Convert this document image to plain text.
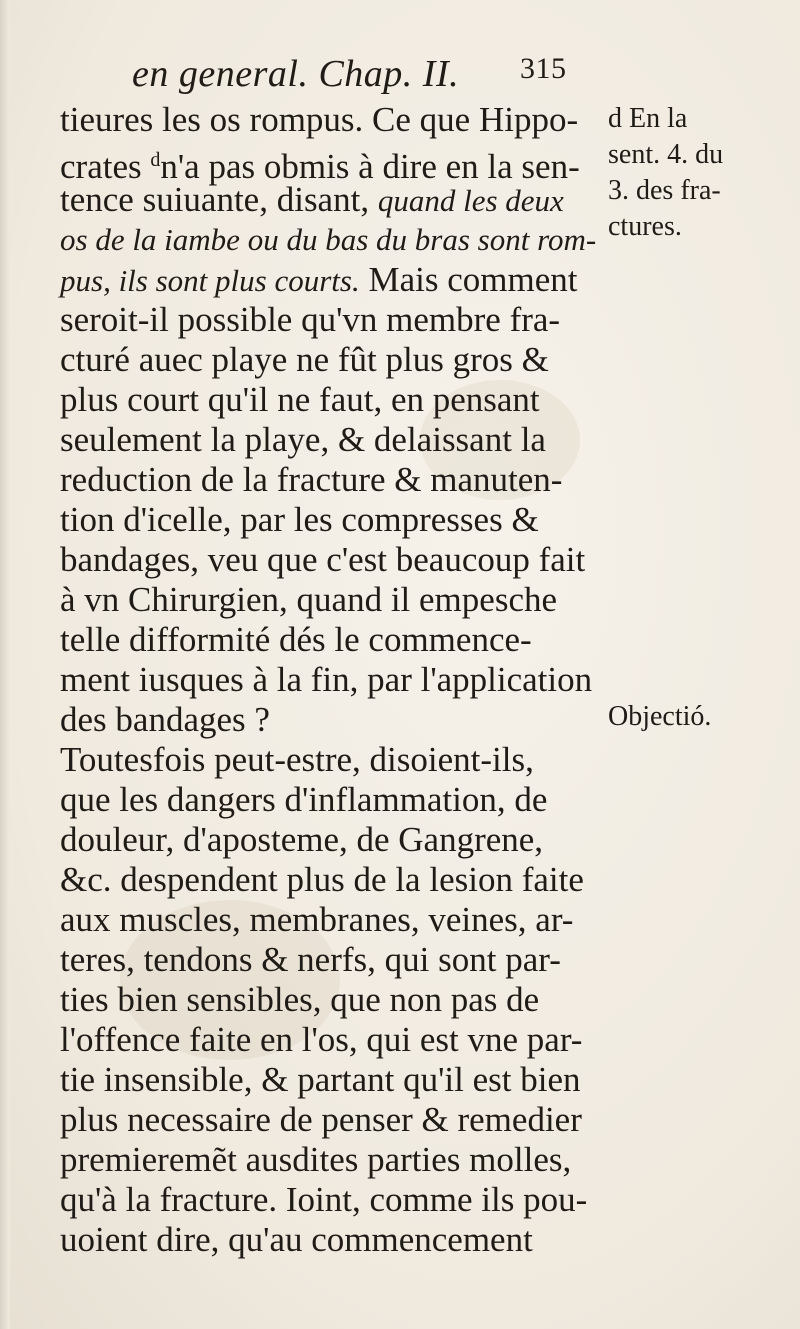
en general. Chap. II. 315
tieures les os rompus. Ce que Hippo-
crates $^d$n'a pas obmis à dire en la sen-
tence suiuante, disant, quand les deux
os de la iambe ou du bas du bras sont rom-
pus, ils sont plus courts. Mais comment
seroit-il possible qu'vn membre fra-
cturé auec playe ne fût plus gros &
plus court qu'il ne faut, en pensant
seulement la playe, & delaissant la
reduction de la fracture & manuten-
tion d'icelle, par les compresses &
bandages, veu que c'est beaucoup fait
à vn Chirurgien, quand il empesche
telle difformité dés le commence-
ment iusques à la fin, par l'application
des bandages ?
Toutesfois peut-estre, disoient-ils,
que les dangers d'inflammation, de
douleur, d'aposteme, de Gangrene,
&c. despendent plus de la lesion faite
aux muscles, membranes, veines, ar-
teres, tendons & nerfs, qui sont par-
ties bien sensibles, que non pas de
l'offence faite en l'os, qui est vne par-
tie insensible, & partant qu'il est bien
plus necessaire de penser & remedier
premieremẽt ausdites parties molles,
qu'à la fracture. Ioint, comme ils pou-
uoient dire, qu'au commencement
d En la
sent. 4. du
3. des fra-
ctures.
Objectió.
